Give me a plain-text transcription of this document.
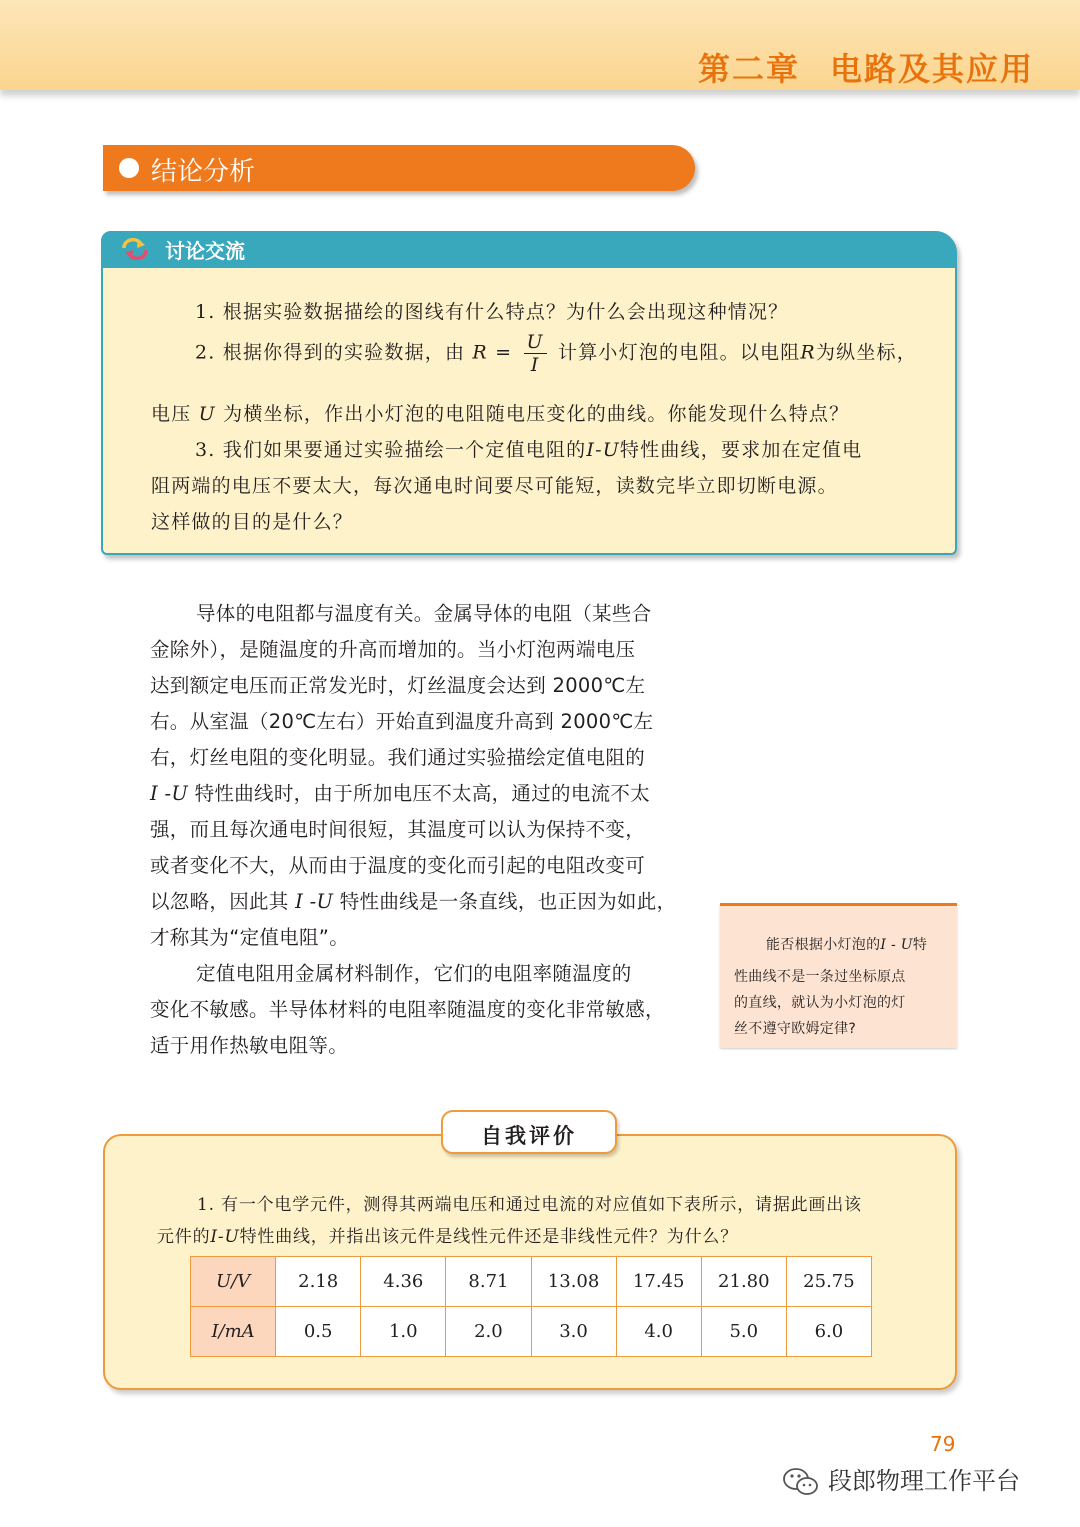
第二章 电路及其应用
结论分析
讨论交流
1. 根据实验数据描绘的图线有什么特点？为什么会出现这种情况？
2. 根据你得到的实验数据，由 $R = \frac{U}{I}$ 计算小灯泡的电阻。以电阻R为纵坐标，
电压 U 为横坐标，作出小灯泡的电阻随电压变化的曲线。你能发现什么特点？
3. 我们如果要通过实验描绘一个定值电阻的I-U特性曲线，要求加在定值电
阻两端的电压不要太大，每次通电时间要尽可能短，读数完毕立即切断电源。
这样做的目的是什么？
导体的电阻都与温度有关。金属导体的电阻（某些合
金除外），是随温度的升高而增加的。当小灯泡两端电压
达到额定电压而正常发光时，灯丝温度会达到 2000℃左
右。从室温（20℃左右）开始直到温度升高到 2000℃左
右，灯丝电阻的变化明显。我们通过实验描绘定值电阻的
I -U 特性曲线时，由于所加电压不太高，通过的电流不太
强，而且每次通电时间很短，其温度可以认为保持不变，
或者变化不大，从而由于温度的变化而引起的电阻改变可
以忽略，因此其 I -U 特性曲线是一条直线，也正因为如此，
才称其为“定值电阻”。
定值电阻用金属材料制作，它们的电阻率随温度的
变化不敏感。半导体材料的电阻率随温度的变化非常敏感，
适于用作热敏电阻等。
能否根据小灯泡的I - U特
性曲线不是一条过坐标原点
的直线，就认为小灯泡的灯
丝不遵守欧姆定律?
1. 有一个电学元件，测得其两端电压和通过电流的对应值如下表所示，请据此画出该
元件的I-U特性曲线，并指出该元件是线性元件还是非线性元件？为什么？
自我评价
U/V	2.18	4.36	8.71	13.08	17.45	21.80	25.75
I/mA	0.5	1.0	2.0	3.0	4.0	5.0	6.0
79
段郎物理工作平台
